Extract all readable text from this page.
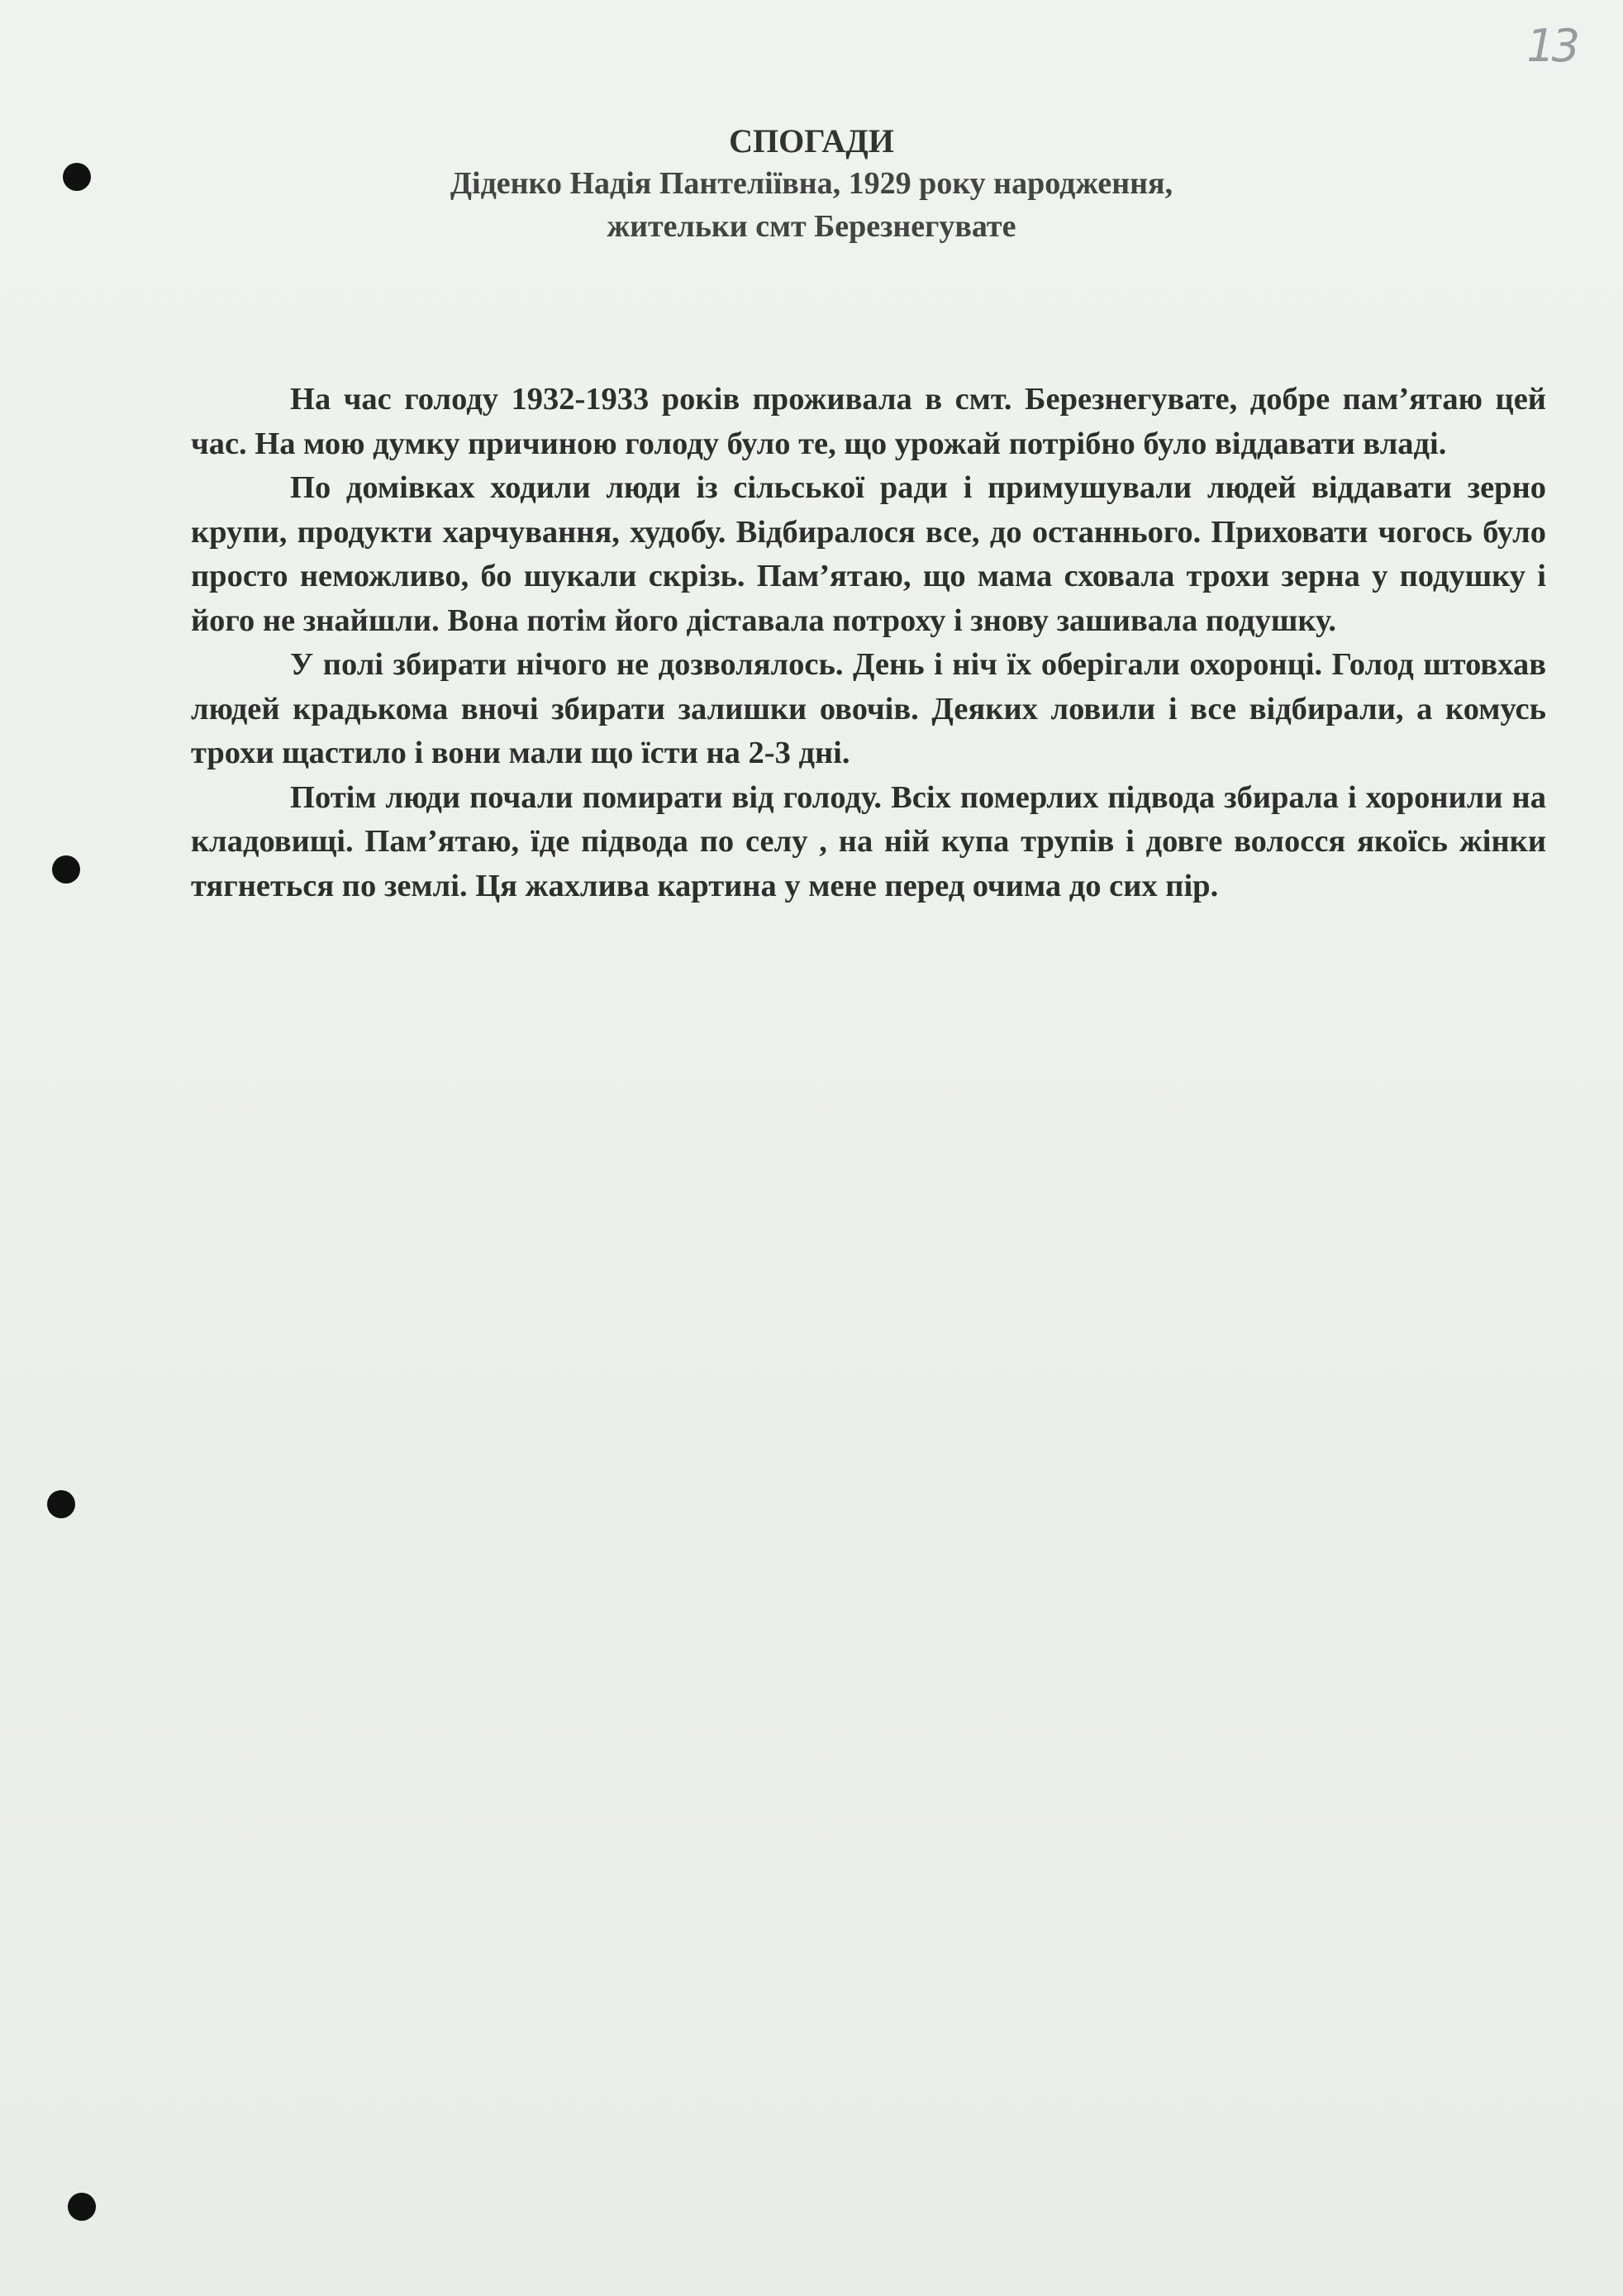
13
СПОГАДИ
Діденко Надія Пантеліївна, 1929 року народження,
жительки смт Березнегувате

На час голоду 1932-1933 років проживала в смт. Березнегувате, добре пам’ятаю цей час. На мою думку причиною голоду було те, що урожай потрібно було віддавати владі.

По домівках ходили люди із сільської ради і примушували людей віддавати зерно крупи, продукти харчування, худобу. Відбиралося все, до останнього. Приховати чогось було просто неможливо, бо шукали скрізь. Пам’ятаю, що мама сховала трохи зерна у подушку і його не знайшли. Вона потім його діставала потроху і знову зашивала подушку.

У полі збирати нічого не дозволялось. День і ніч їх оберігали охоронці. Голод штовхав людей крадькома вночі збирати залишки овочів. Деяких ловили і все відбирали, а комусь трохи щастило і вони мали що їсти на 2-3 дні.

Потім люди почали помирати від голоду. Всіх померлих підвода збирала і хоронили на кладовищі. Пам’ятаю, їде підвода по селу , на ній купа трупів і довге волосся якоїсь жінки тягнеться по землі. Ця жахлива картина у мене перед очима до сих пір.
